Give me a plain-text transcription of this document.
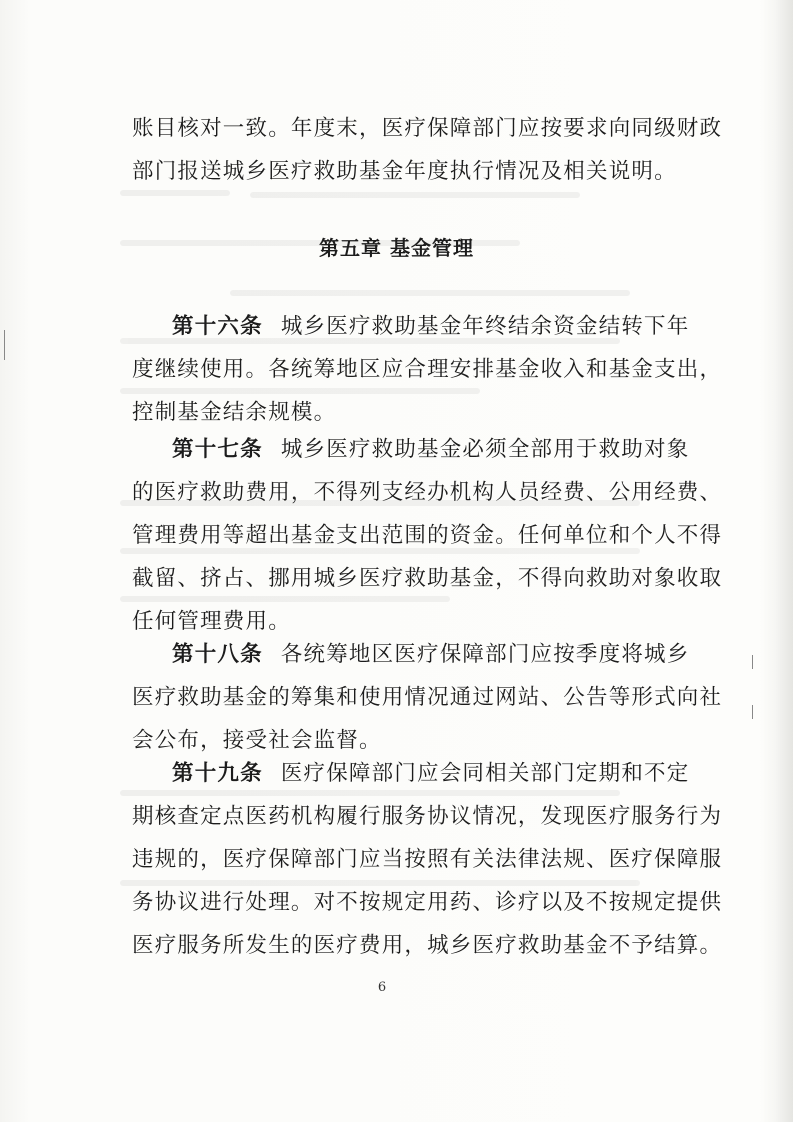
账目核对一致。年度末，医疗保障部门应按要求向同级财政
部门报送城乡医疗救助基金年度执行情况及相关说明。

第五章 基金管理

第十六条 城乡医疗救助基金年终结余资金结转下年
度继续使用。各统筹地区应合理安排基金收入和基金支出，
控制基金结余规模。

第十七条 城乡医疗救助基金必须全部用于救助对象
的医疗救助费用，不得列支经办机构人员经费、公用经费、
管理费用等超出基金支出范围的资金。任何单位和个人不得
截留、挤占、挪用城乡医疗救助基金，不得向救助对象收取
任何管理费用。

第十八条 各统筹地区医疗保障部门应按季度将城乡
医疗救助基金的筹集和使用情况通过网站、公告等形式向社
会公布，接受社会监督。

第十九条 医疗保障部门应会同相关部门定期和不定
期核查定点医药机构履行服务协议情况，发现医疗服务行为
违规的，医疗保障部门应当按照有关法律法规、医疗保障服
务协议进行处理。对不按规定用药、诊疗以及不按规定提供
医疗服务所发生的医疗费用，城乡医疗救助基金不予结算。

6
